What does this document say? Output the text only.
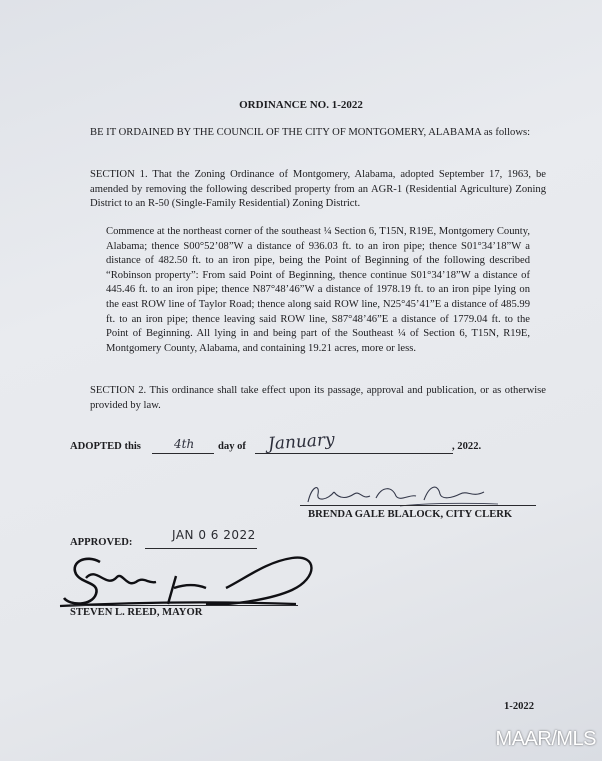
ORDINANCE NO. 1-2022

BE IT ORDAINED BY THE COUNCIL OF THE CITY OF MONTGOMERY, ALABAMA as follows:

SECTION 1. That the Zoning Ordinance of Montgomery, Alabama, adopted September 17, 1963, be amended by removing the following described property from an AGR-1 (Residential Agriculture) Zoning District to an R-50 (Single-Family Residential) Zoning District.

Commence at the northeast corner of the southeast ¼ Section 6, T15N, R19E, Montgomery County, Alabama; thence S00°52’08”W a distance of 936.03 ft. to an iron pipe; thence S01°34’18”W a distance of 482.50 ft. to an iron pipe, being the Point of Beginning of the following described “Robinson property”: From said Point of Beginning, thence continue S01°34’18”W a distance of 445.46 ft. to an iron pipe; thence N87°48’46”W a distance of 1978.19 ft. to an iron pipe lying on the east ROW line of Taylor Road; thence along said ROW line, N25°45’41”E a distance of 485.99 ft. to an iron pipe; thence leaving said ROW line, S87°48’46”E a distance of 1779.04 ft. to the Point of Beginning. All lying in and being part of the Southeast ¼ of Section 6, T15N, R19E, Montgomery County, Alabama, and containing 19.21 acres, more or less.

SECTION 2. This ordinance shall take effect upon its passage, approval and publication, or as otherwise provided by law.

ADOPTED this	4th day of January	, 2022.
BRENDA GALE BLALOCK, CITY CLERK
APPROVED:
JAN 0 6 2022
STEVEN L. REED, MAYOR
1-2022
MAAR/MLS
